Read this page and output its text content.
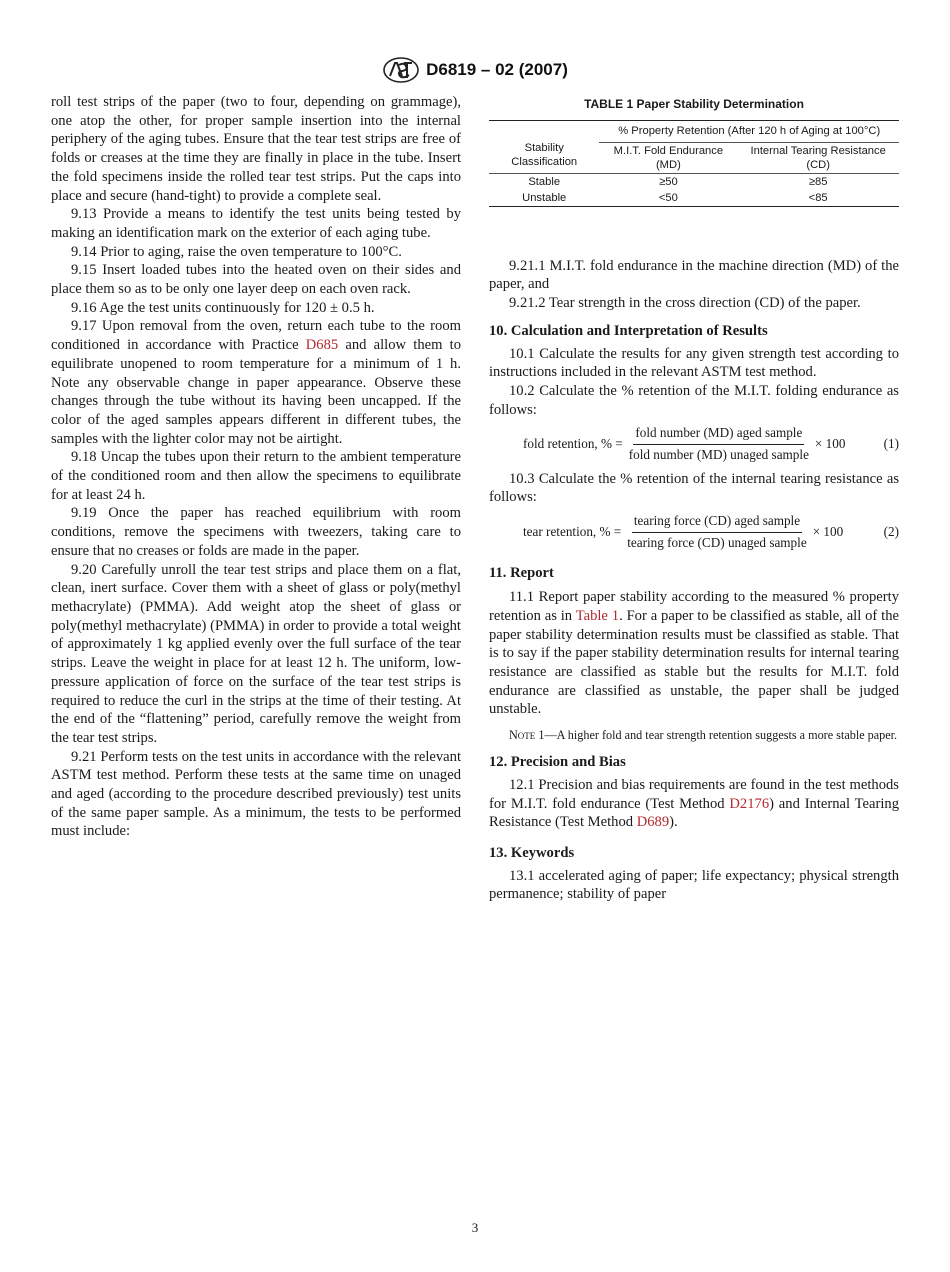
D6819 – 02 (2007)

roll test strips of the paper (two to four, depending on grammage), one atop the other, for proper sample insertion into the internal periphery of the aging tubes. Ensure that the tear test strips are free of folds or creases at the time they are finally in place in the tube. Insert the fold specimens inside the rolled tear test strips. Put the caps into place and secure (hand-tight) to provide a complete seal.

9.13 Provide a means to identify the test units being tested by making an identification mark on the exterior of each aging tube.

9.14 Prior to aging, raise the oven temperature to 100°C.

9.15 Insert loaded tubes into the heated oven on their sides and place them so as to be only one layer deep on each oven rack.

9.16 Age the test units continuously for 120 ± 0.5 h.

9.17 Upon removal from the oven, return each tube to the room conditioned in accordance with Practice D685 and allow them to equilibrate unopened to room temperature for a minimum of 1 h. Note any observable change in paper appearance. Observe these changes through the tube without its having been uncapped. If the color of the aged samples appears different in different tubes, the samples with the lighter color may not be airtight.

9.18 Uncap the tubes upon their return to the ambient temperature of the conditioned room and then allow the specimens to equilibrate for at least 24 h.

9.19 Once the paper has reached equilibrium with room conditions, remove the specimens with tweezers, taking care to ensure that no creases or folds are made in the paper.

9.20 Carefully unroll the tear test strips and place them on a flat, clean, inert surface. Cover them with a sheet of glass or poly(methyl methacrylate) (PMMA). Add weight atop the sheet of glass or poly(methyl methacrylate) (PMMA) in order to provide a total weight of approximately 1 kg applied evenly over the full surface of the tear strips. Leave the weight in place for at least 12 h. The uniform, low-pressure application of force on the surface of the tear test strips is required to reduce the curl in the strips at the time of their testing. At the end of the “flattening” period, carefully remove the weight from the tear test strips.

9.21 Perform tests on the test units in accordance with the relevant ASTM test method. Perform these tests at the same time on unaged and aged (according to the procedure described previously) test units of the same paper sample. As a minimum, the tests to be performed must include:

TABLE 1 Paper Stability Determination
Stability Classification	% Property Retention (After 120 h of Aging at 100°C)	
	M.I.T. Fold Endurance (MD)	Internal Tearing Resistance (CD)
Stable	≥50	≥85
Unstable	<50	<85

9.21.1 M.I.T. fold endurance in the machine direction (MD) of the paper, and

9.21.2 Tear strength in the cross direction (CD) of the paper.

10. Calculation and Interpretation of Results

10.1 Calculate the results for any given strength test according to instructions included in the relevant ASTM test method.

10.2 Calculate the % retention of the M.I.T. folding endurance as follows:

fold retention, % = $\frac{\text{fold number (MD) aged sample}}{\text{fold number (MD) unaged sample}} \times 100$	(1)

10.3 Calculate the % retention of the internal tearing resistance as follows:

tear retention, % = $\frac{\text{tearing force (CD) aged sample}}{\text{tearing force (CD) unaged sample}} \times 100$	(2)
11. Report

11.1 Report paper stability according to the measured % property retention as in Table 1. For a paper to be classified as stable, all of the paper stability determination results must be classified as stable. That is to say if the paper stability determination results for internal tearing resistance are classified as stable but the results for M.I.T. fold endurance are classified as unstable, the paper shall be judged unstable.

Note 1—A higher fold and tear strength retention suggests a more stable paper.

12. Precision and Bias

12.1 Precision and bias requirements are found in the test methods for M.I.T. fold endurance (Test Method D2176) and Internal Tearing Resistance (Test Method D689).

13. Keywords

13.1 accelerated aging of paper; life expectancy; physical strength permanence; stability of paper

3
